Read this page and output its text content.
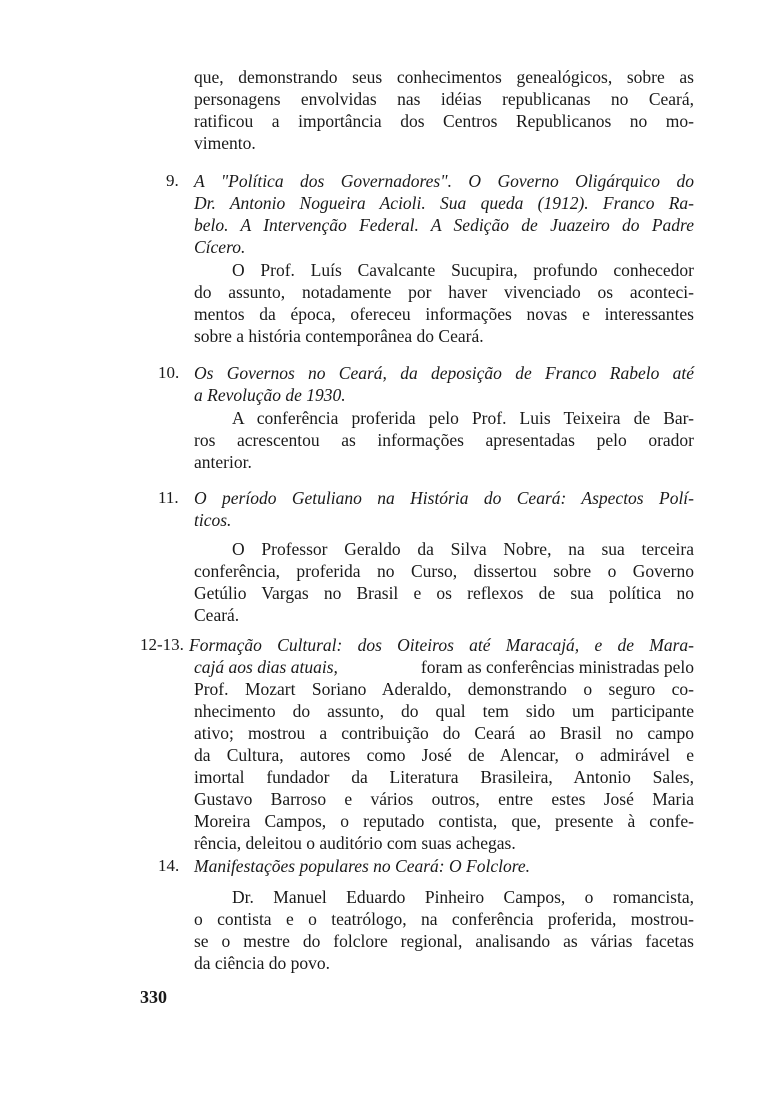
que, demonstrando seus conhecimentos genealógicos, sobre as
personagens envolvidas nas idéias republicanas no Ceará,
ratificou a importância dos Centros Republicanos no mo-
vimento.
9. A "Política dos Governadores". O Governo Oligárquico do
Dr. Antonio Nogueira Acioli. Sua queda (1912). Franco Ra-
belo. A Intervenção Federal. A Sedição de Juazeiro do Padre
Cícero.
O Prof. Luís Cavalcante Sucupira, profundo conhecedor
do assunto, notadamente por haver vivenciado os aconteci-
mentos da época, ofereceu informações novas e interessantes
sobre a história contemporânea do Ceará.
10. Os Governos no Ceará, da deposição de Franco Rabelo até
a Revolução de 1930.
A conferência proferida pelo Prof. Luis Teixeira de Bar-
ros acrescentou as informações apresentadas pelo orador
anterior.
11. O período Getuliano na História do Ceará: Aspectos Polí-
ticos.
O Professor Geraldo da Silva Nobre, na sua terceira
conferência, proferida no Curso, dissertou sobre o Governo
Getúlio Vargas no Brasil e os reflexos de sua política no
Ceará.
12-13. Formação Cultural: dos Oiteiros até Maracajá, e de Mara-
cajá aos dias atuais,	foram as conferências ministradas pelo
Prof. Mozart Soriano Aderaldo, demonstrando o seguro co-
nhecimento do assunto, do qual tem sido um participante
ativo; mostrou a contribuição do Ceará ao Brasil no campo
da Cultura, autores como José de Alencar, o admirável e
imortal fundador da Literatura Brasileira, Antonio Sales,
Gustavo Barroso e vários outros, entre estes José Maria
Moreira Campos, o reputado contista, que, presente à confe-
rência, deleitou o auditório com suas achegas.
14. Manifestações populares no Ceará: O Folclore.
Dr. Manuel Eduardo Pinheiro Campos, o romancista,
o contista e o teatrólogo, na conferência proferida, mostrou-
se o mestre do folclore regional, analisando as várias facetas
da ciência do povo.
330
